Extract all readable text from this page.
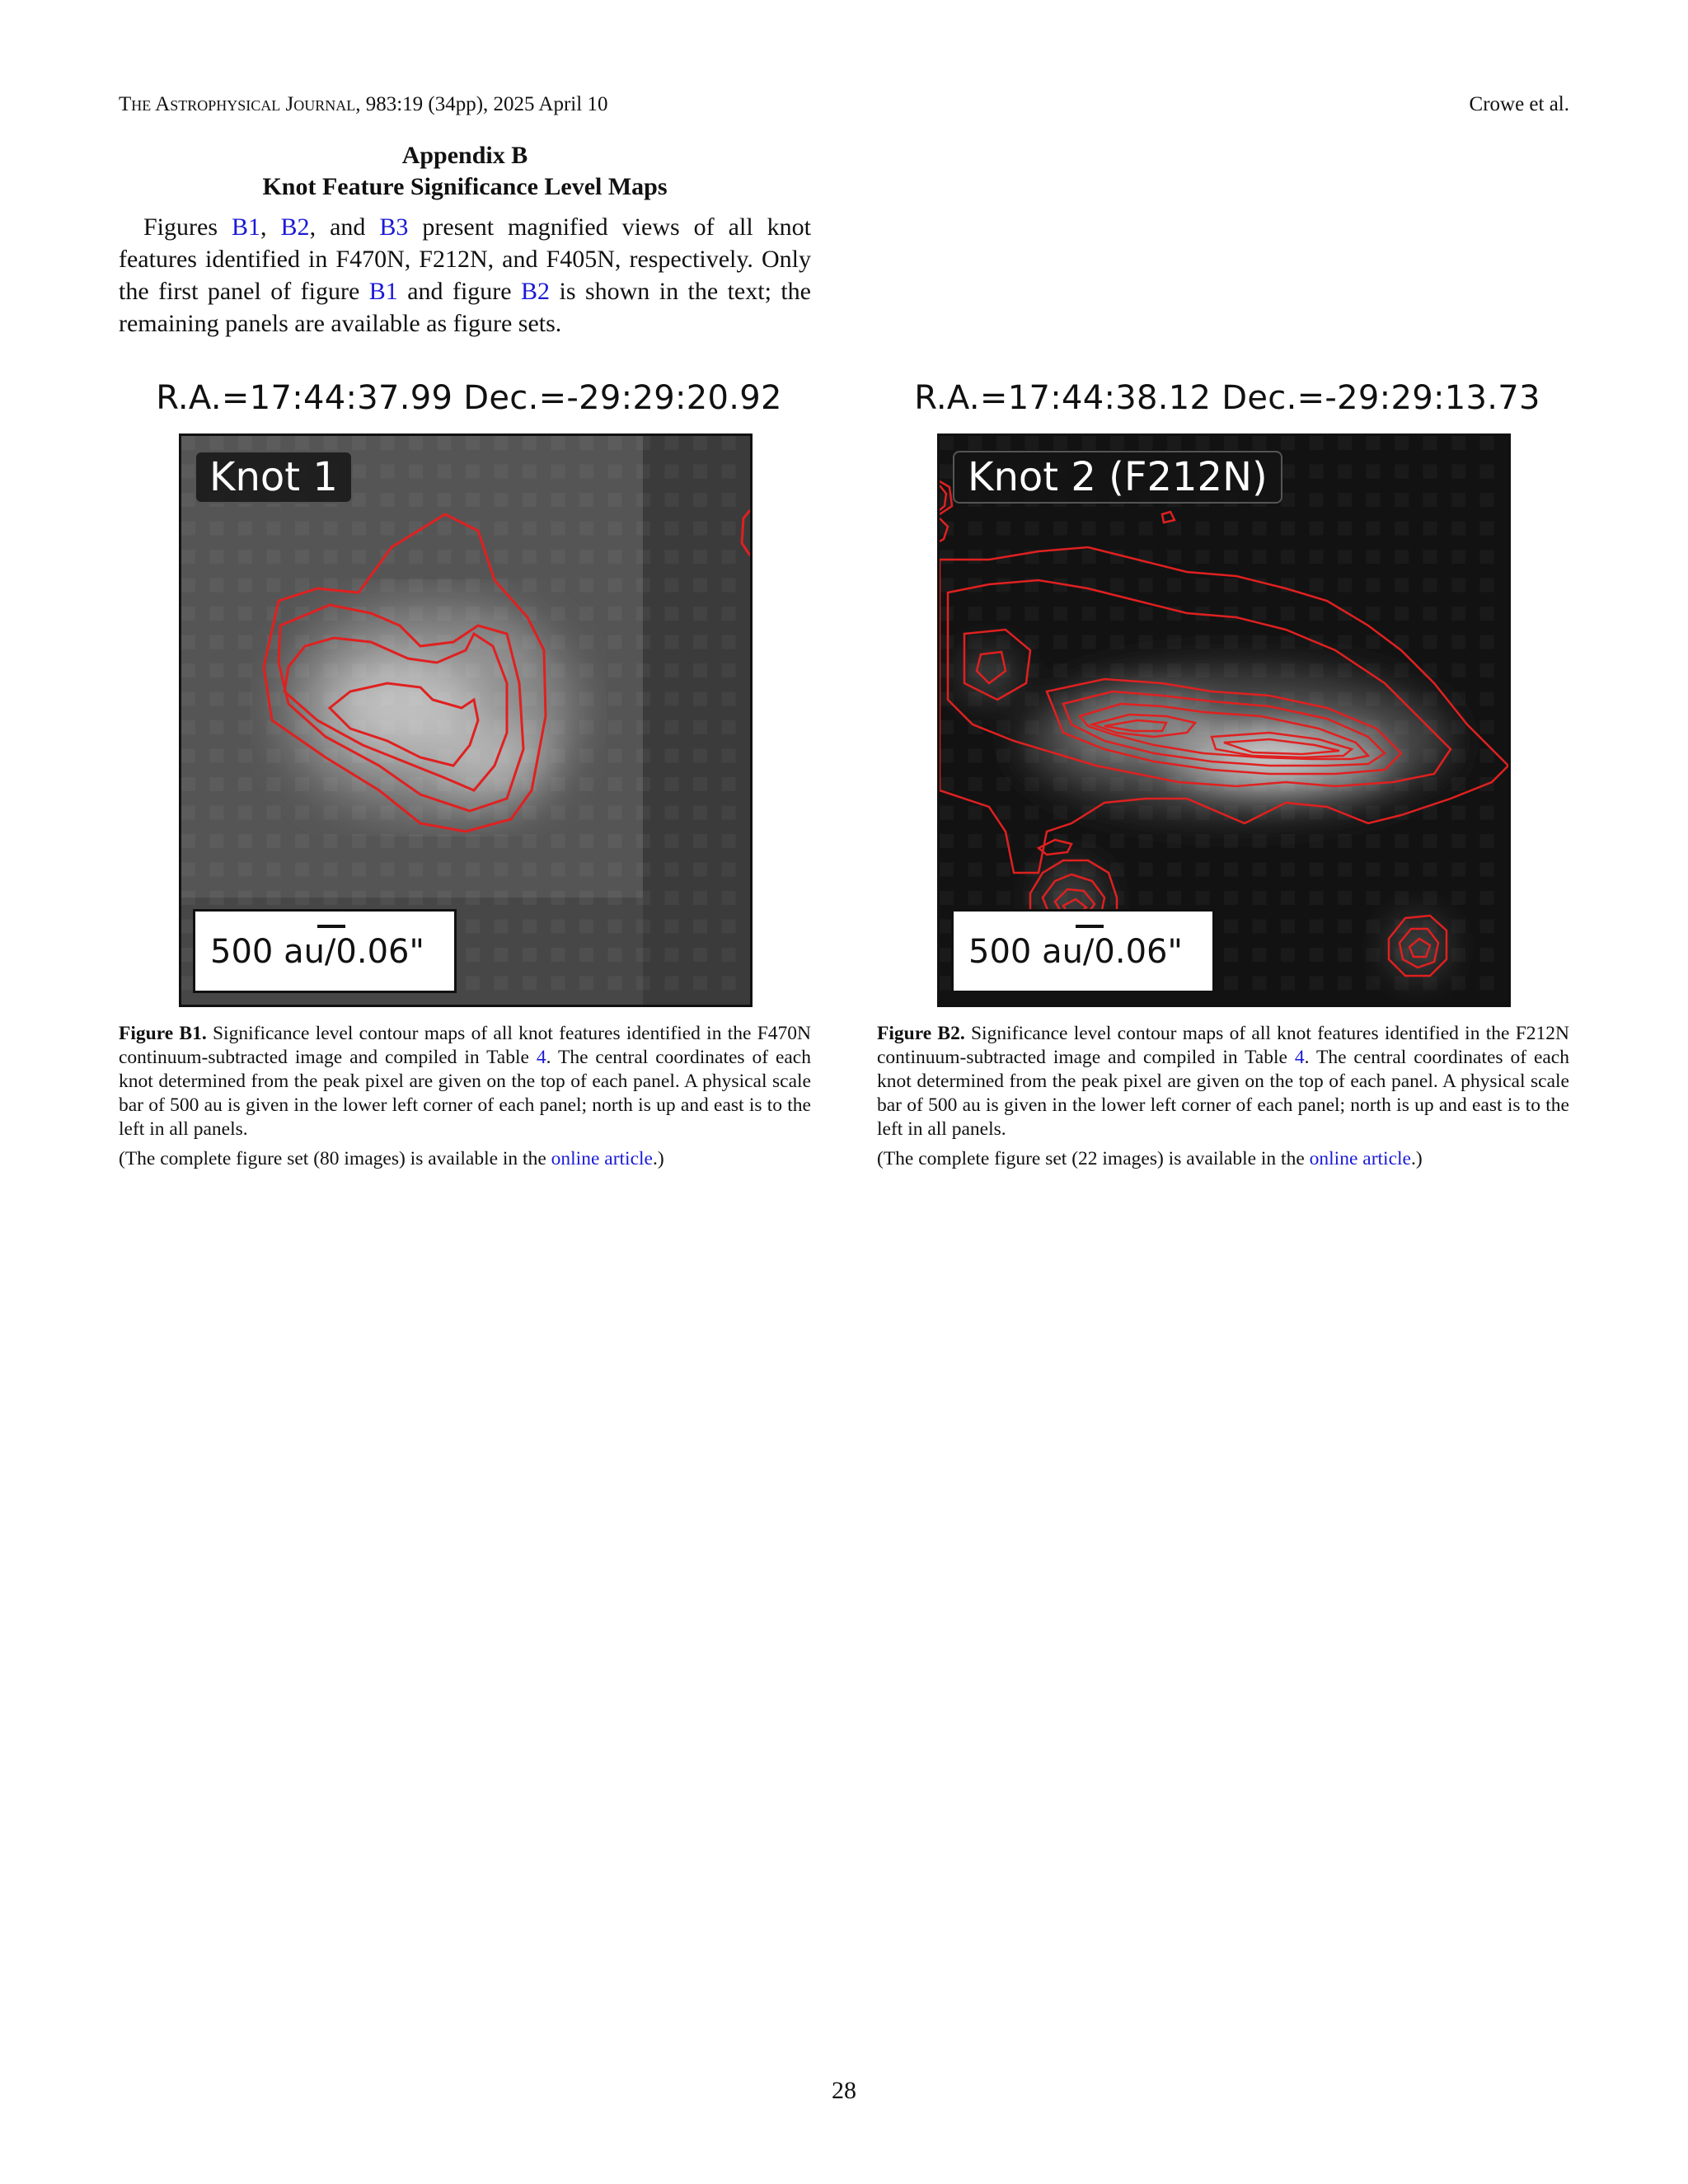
The Astrophysical Journal, 983:19 (34pp), 2025 April 10	Crowe et al.
Appendix B
Knot Feature Significance Level Maps

Figures B1, B2, and B3 present magnified views of all knot features identified in F470N, F212N, and F405N, respectively. Only the first panel of figure B1 and figure B2 is shown in the text; the remaining panels are available as figure sets.

R.A.=17:44:37.99 Dec.=-29:29:20.92
Knot 1
500 au/0.06"

Figure B1. Significance level contour maps of all knot features identified in the F470N continuum-subtracted image and compiled in Table 4. The central coordinates of each knot determined from the peak pixel are given on the top of each panel. A physical scale bar of 500 au is given in the lower left corner of each panel; north is up and east is to the left in all panels.

(The complete figure set (80 images) is available in the online article.)

R.A.=17:44:38.12 Dec.=-29:29:13.73
Knot 2 (F212N)
500 au/0.06"

Figure B2. Significance level contour maps of all knot features identified in the F212N continuum-subtracted image and compiled in Table 4. The central coordinates of each knot determined from the peak pixel are given on the top of each panel. A physical scale bar of 500 au is given in the lower left corner of each panel; north is up and east is to the left in all panels.

(The complete figure set (22 images) is available in the online article.)

28
